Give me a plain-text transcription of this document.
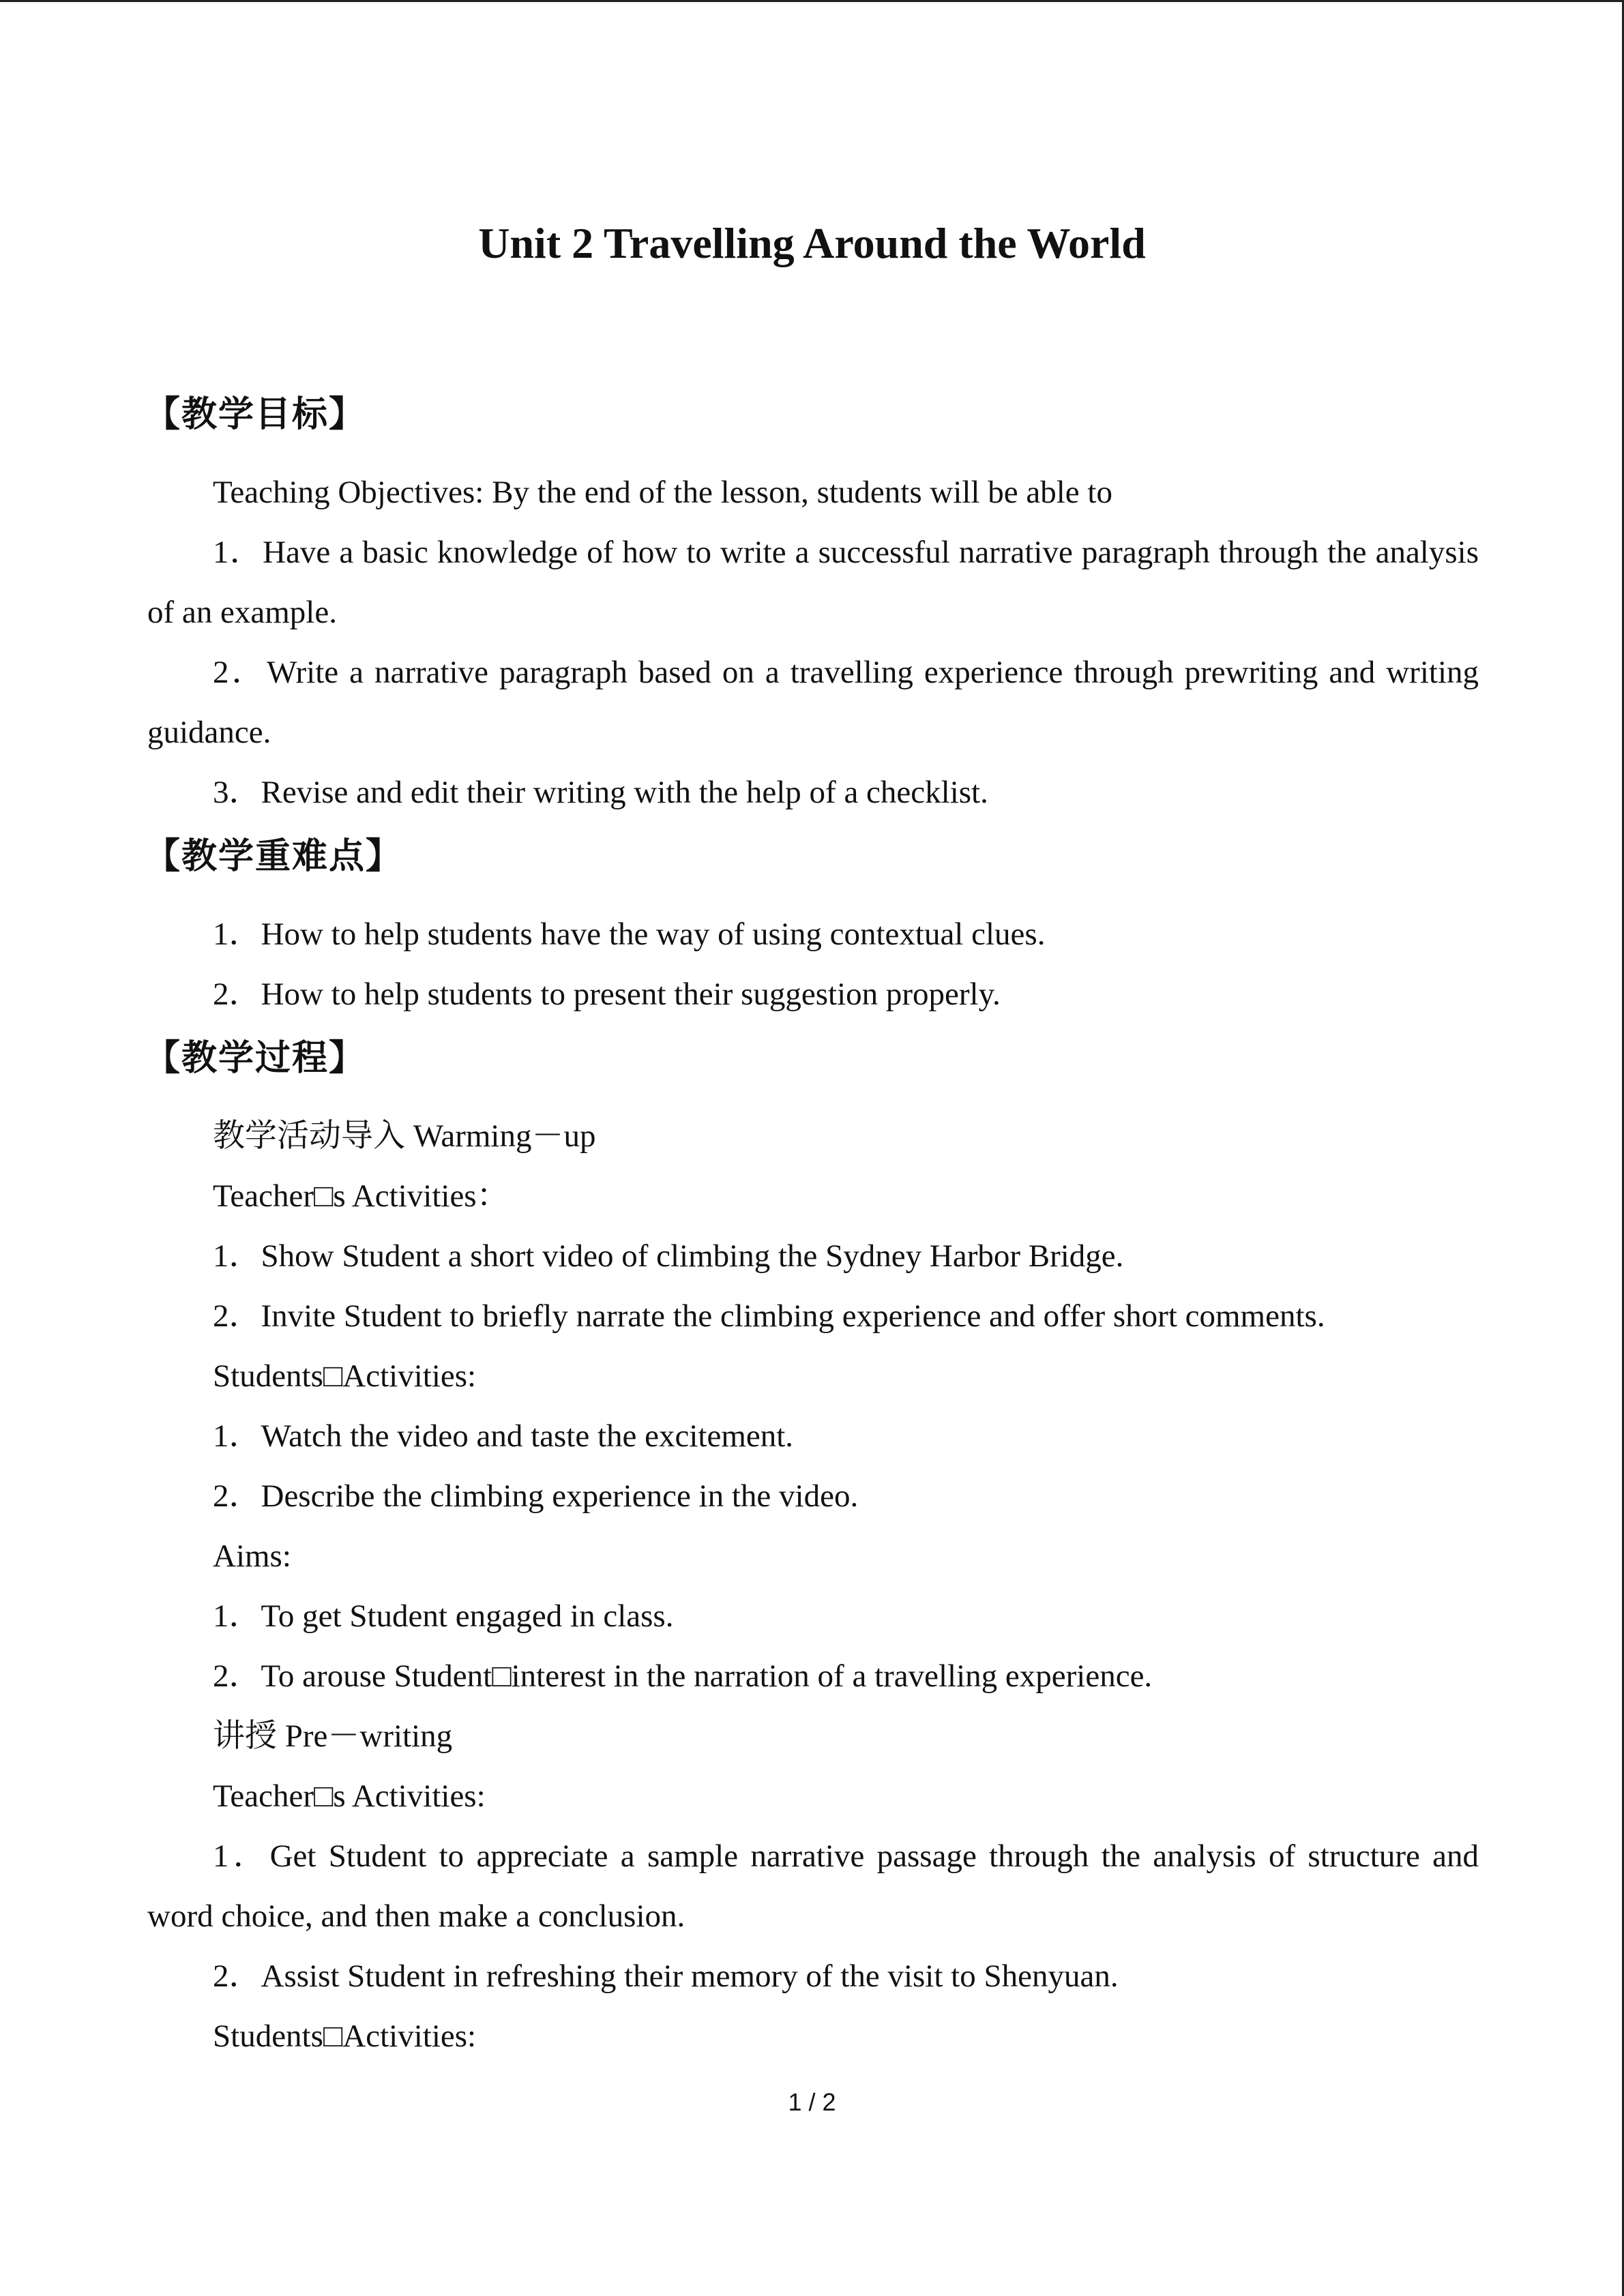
Unit 2 Travelling Around the World
【教学目标】

Teaching Objectives: By the end of the lesson, students will be able to

1．Have a basic knowledge of how to write a successful narrative paragraph through the analysis of an example.

2．Write a narrative paragraph based on a travelling experience through prewriting and writing guidance.

3．Revise and edit their writing with the help of a checklist.

【教学重难点】

1．How to help students have the way of using contextual clues.

2．How to help students to present their suggestion properly.

【教学过程】

教学活动导入 Warming－up

Teacher□s Activities：

1．Show Student a short video of climbing the Sydney Harbor Bridge.

2．Invite Student to briefly narrate the climbing experience and offer short comments.

Students□Activities:

1．Watch the video and taste the excitement.

2．Describe the climbing experience in the video.

Aims:

1．To get Student engaged in class.

2．To arouse Student□interest in the narration of a travelling experience.

讲授 Pre－writing

Teacher□s Activities:

1．Get Student to appreciate a sample narrative passage through the analysis of structure and word choice, and then make a conclusion.

2．Assist Student in refreshing their memory of the visit to Shenyuan.

Students□Activities:

1 / 2
